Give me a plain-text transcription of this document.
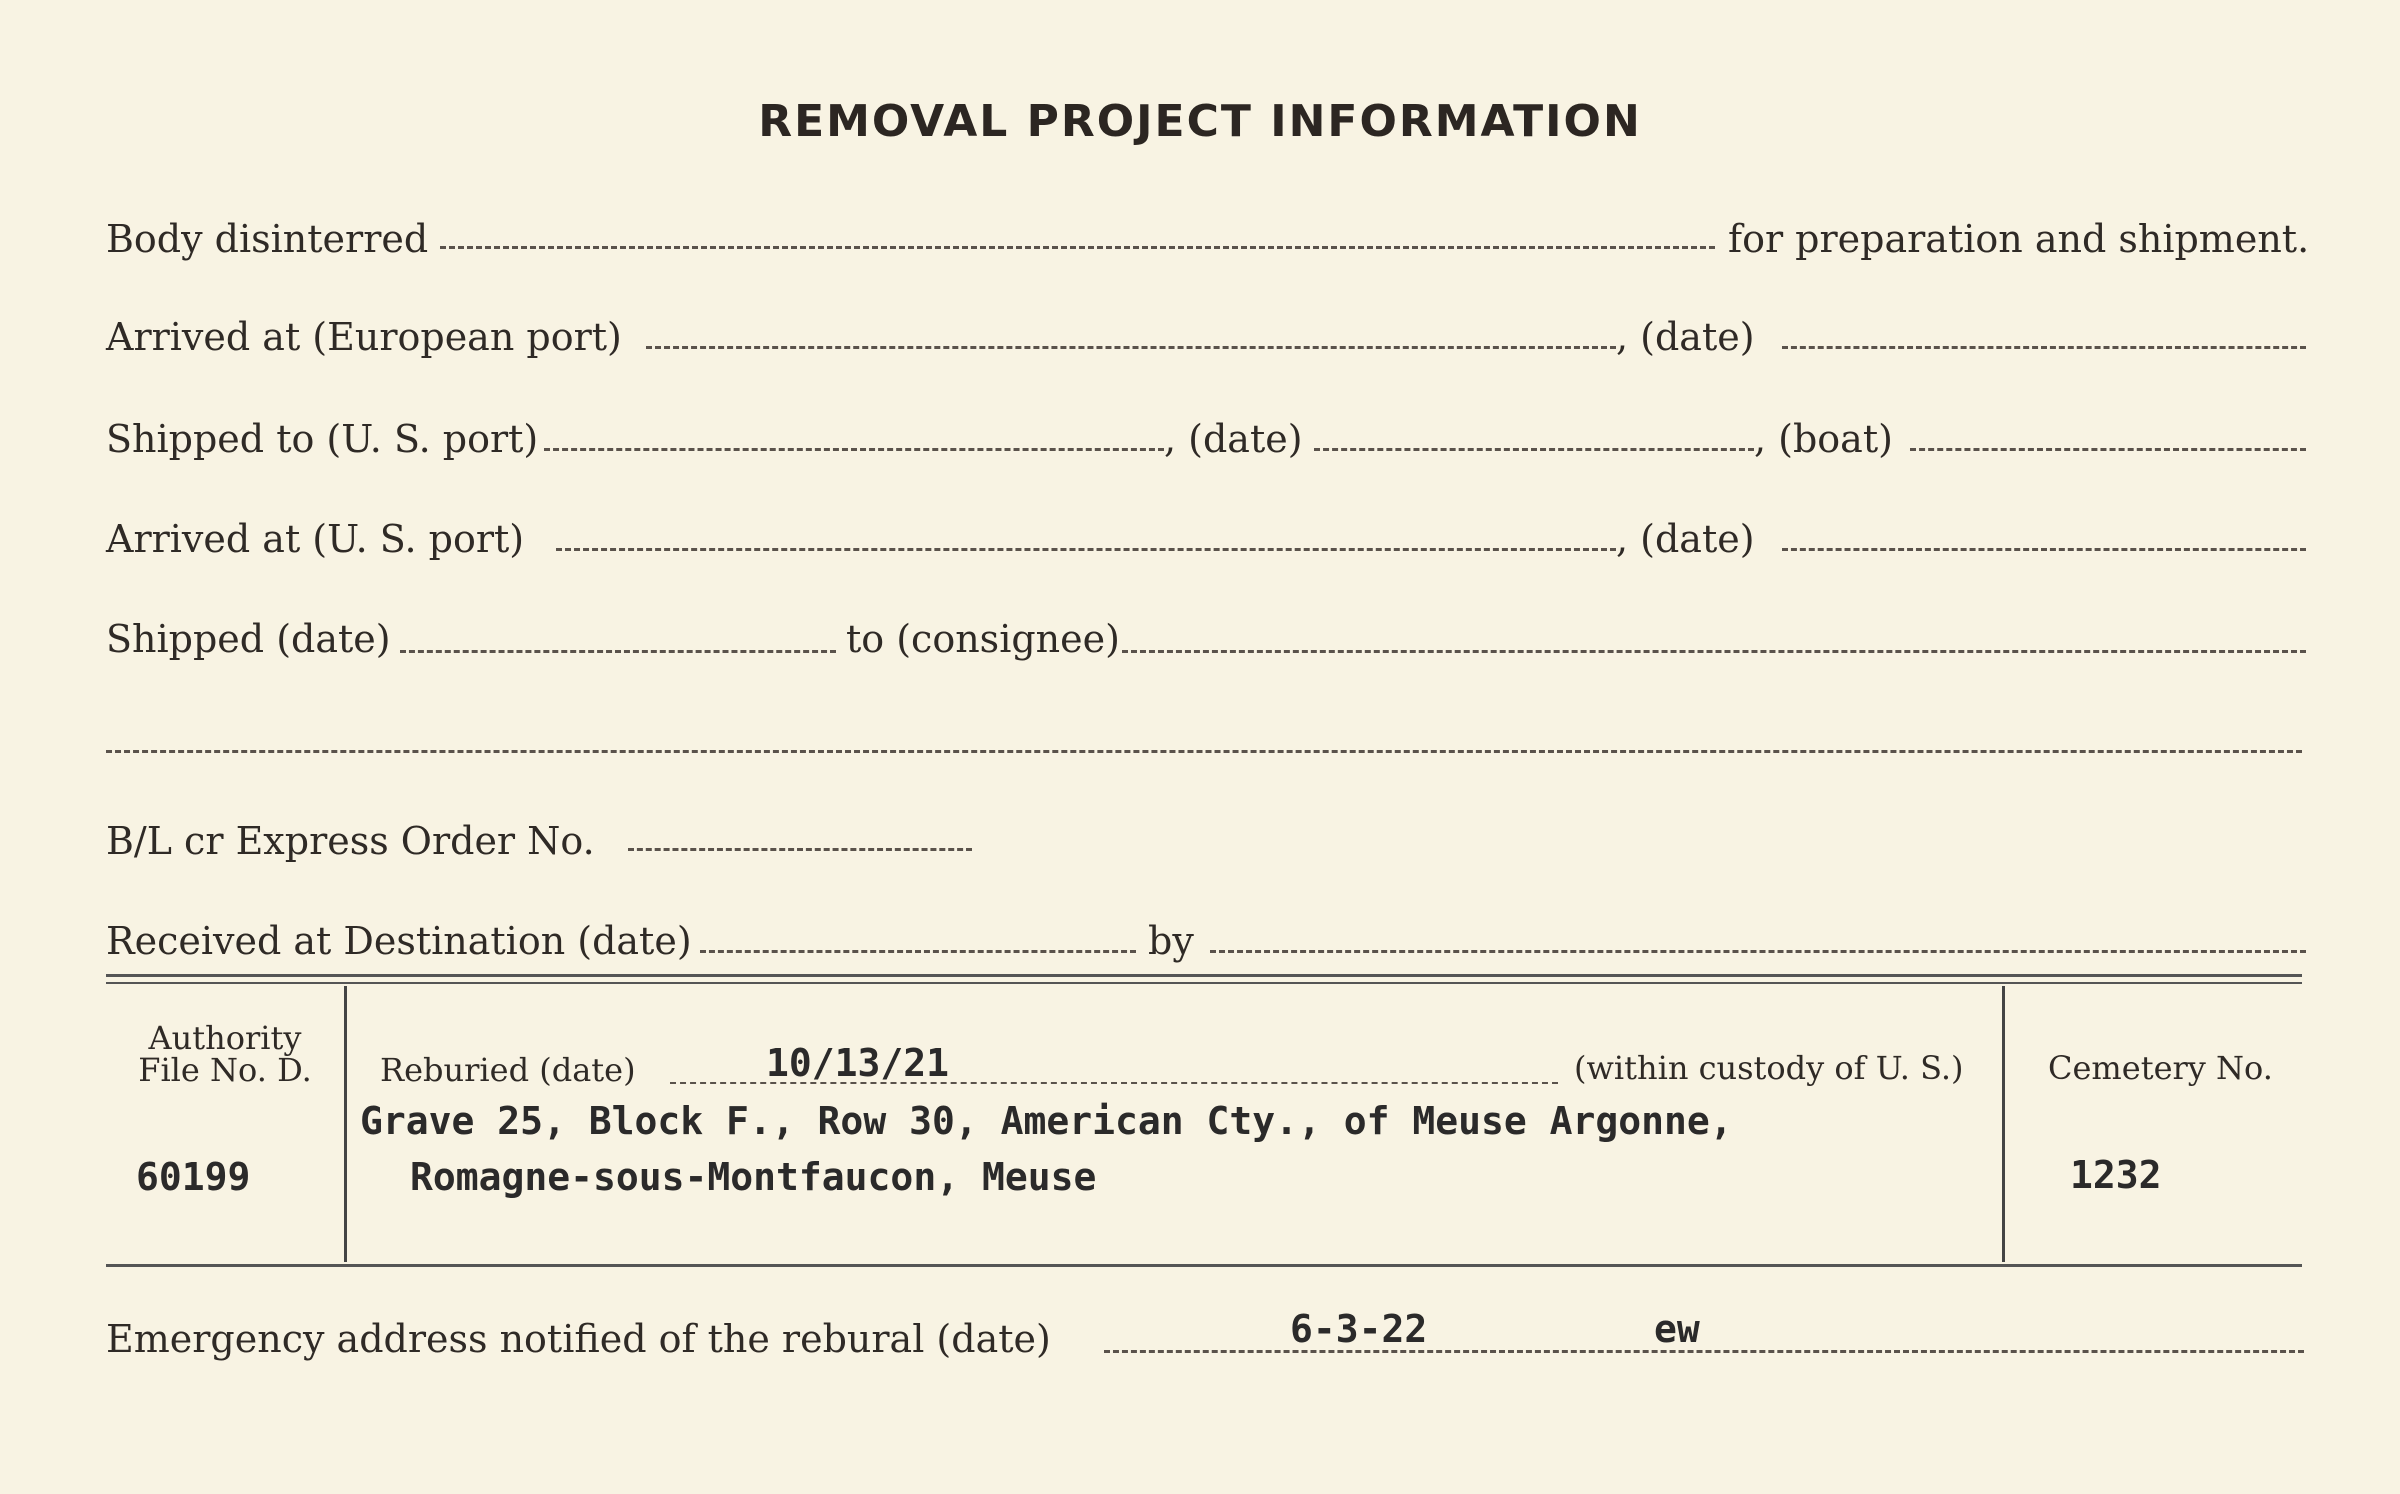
REMOVAL PROJECT INFORMATION
Body disinterred	for preparation and shipment.
Arrived at (European port)	, (date)
Shipped to (U. S. port)	, (date)	, (boat)
Arrived at (U. S. port)	, (date)
Shipped (date)	to (consignee)
B/L cr Express Order No.
Received at Destination (date)	by
Authority
File No. D.
60199
Reburied (date)	10/13/21	(within custody of U. S.)
Grave 25, Block F., Row 30, American Cty., of Meuse Argonne,
Romagne-sous-Montfaucon, Meuse
Cemetery No.
1232
Emergency address notified of the rebural (date)	6-3-22	ew
